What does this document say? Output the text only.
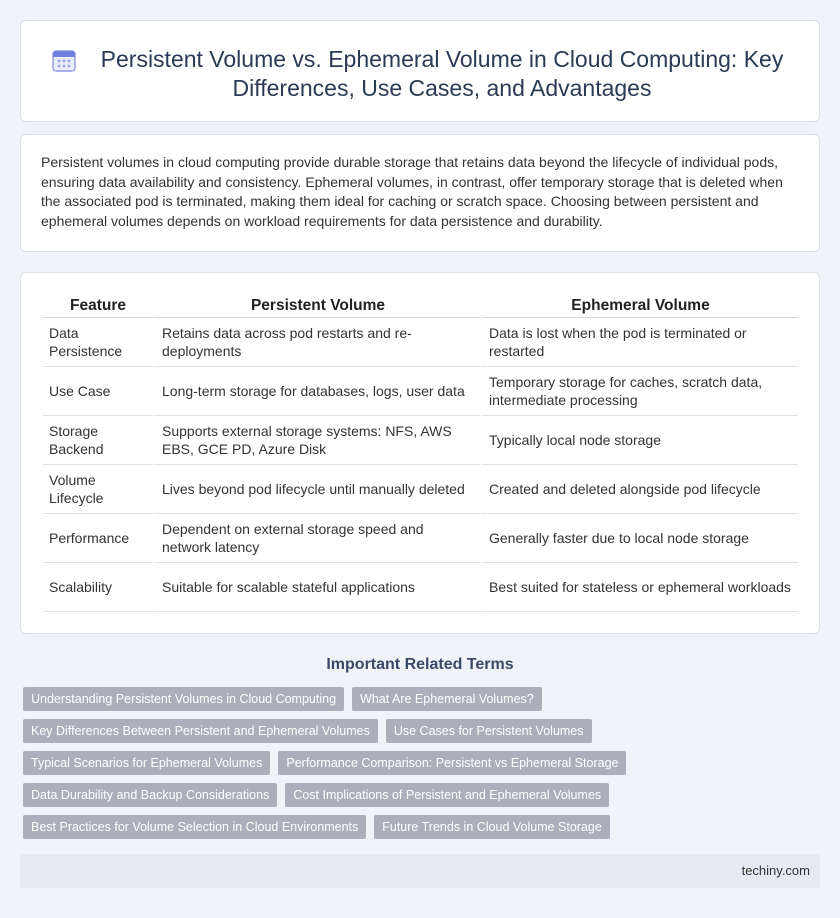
Persistent Volume vs. Ephemeral Volume in Cloud Computing: Key Differences, Use Cases, and Advantages

Persistent volumes in cloud computing provide durable storage that retains data beyond the lifecycle of individual pods, ensuring data availability and consistency. Ephemeral volumes, in contrast, offer temporary storage that is deleted when the associated pod is terminated, making them ideal for caching or scratch space. Choosing between persistent and ephemeral volumes depends on workload requirements for data persistence and durability.

Feature	Persistent Volume	Ephemeral Volume
Data Persistence	Retains data across pod restarts and re-deployments	Data is lost when the pod is terminated or restarted
Use Case	Long-term storage for databases, logs, user data	Temporary storage for caches, scratch data, intermediate processing
Storage Backend	Supports external storage systems: NFS, AWS EBS, GCE PD, Azure Disk	Typically local node storage
Volume Lifecycle	Lives beyond pod lifecycle until manually deleted	Created and deleted alongside pod lifecycle
Performance	Dependent on external storage speed and network latency	Generally faster due to local node storage
Scalability	Suitable for scalable stateful applications	Best suited for stateless or ephemeral workloads
Important Related Terms
Understanding Persistent Volumes in Cloud Computing	What Are Ephemeral Volumes?
Key Differences Between Persistent and Ephemeral Volumes	Use Cases for Persistent Volumes
Typical Scenarios for Ephemeral Volumes	Performance Comparison: Persistent vs Ephemeral Storage
Data Durability and Backup Considerations	Cost Implications of Persistent and Ephemeral Volumes
Best Practices for Volume Selection in Cloud Environments	Future Trends in Cloud Volume Storage
techiny.com
